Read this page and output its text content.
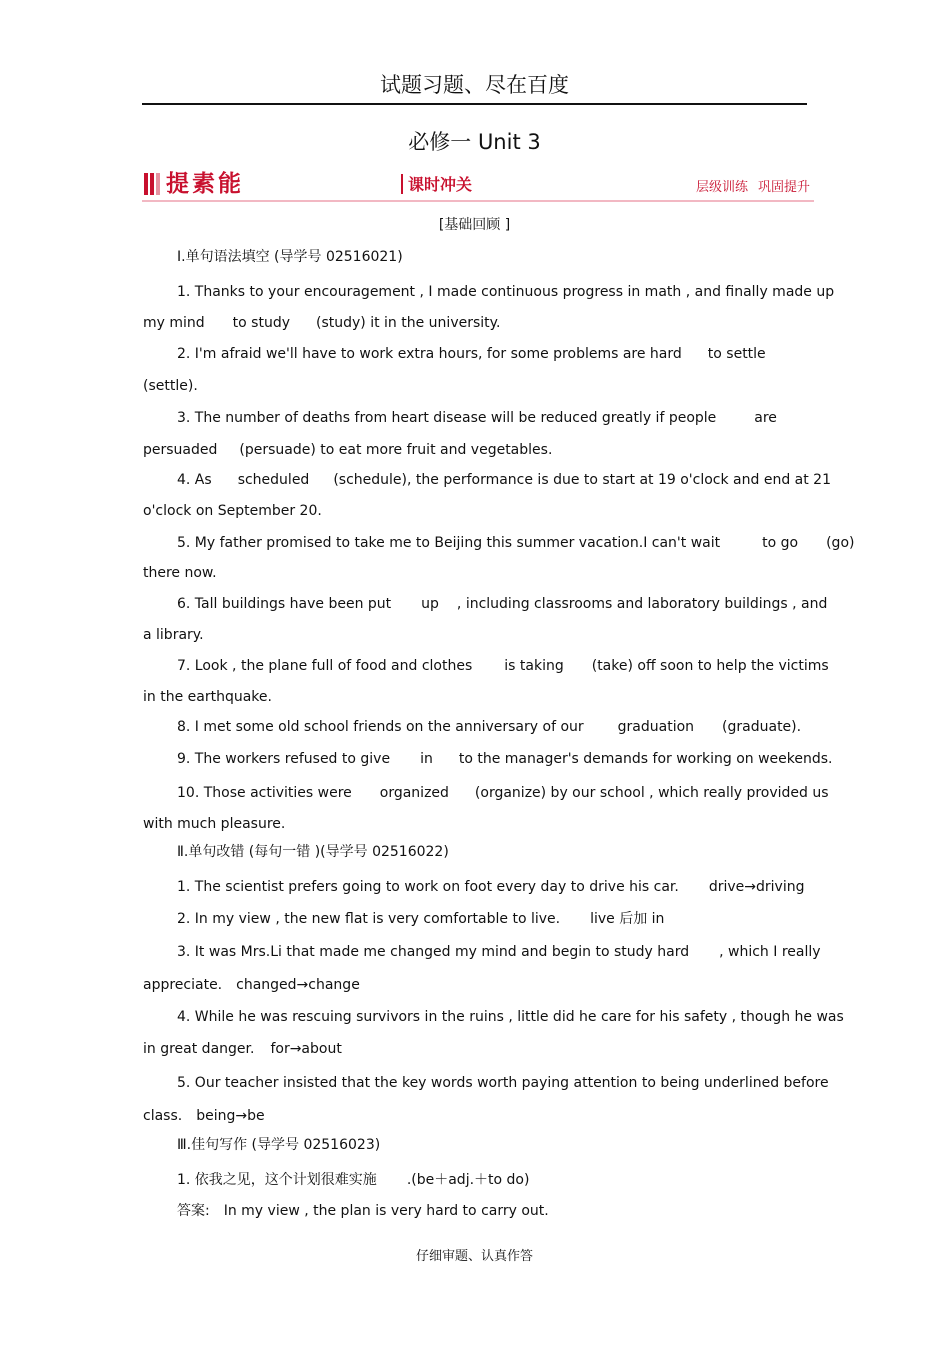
试题习题、尽在百度
必修一 Unit 3
提素能	课时冲关	层级训练 巩固提升
[基础回顾 ]
Ⅰ.单句语法填空 (导学号 02516021)
1. Thanks to your encouragement , I made continuous progress in math , and finally made up
my mind to study (study) it in the university.
2. I'm afraid we'll have to work extra hours, for some problems are hard to settle
(settle).
3. The number of deaths from heart disease will be reduced greatly if people	are
persuaded (persuade) to eat more fruit and vegetables.
4. As scheduled (schedule), the performance is due to start at 19 o'clock and end at 21
o'clock on September 20.
5. My father promised to take me to Beijing this summer vacation.I can't wait	to go (go)
there now.
6. Tall buildings have been put up , including classrooms and laboratory buildings , and
a library.
7. Look , the plane full of food and clothes is taking (take) off soon to help the victims
in the earthquake.
8. I met some old school friends on the anniversary of our graduation (graduate).
9. The workers refused to give in to the manager's demands for working on weekends.
10. Those activities were organized (organize) by our school , which really provided us
with much pleasure.
Ⅱ.单句改错 (每句一错 )(导学号 02516022)
1. The scientist prefers going to work on foot every day to drive his car. drive→driving
2. In my view , the new flat is very comfortable to live. live 后加 in
3. It was Mrs.Li that made me changed my mind and begin to study hard , which I really
appreciate. changed→change
4. While he was rescuing survivors in the ruins , little did he care for his safety , though he was
in great danger. for→about
5. Our teacher insisted that the key words worth paying attention to being underlined before
class. being→be
Ⅲ.佳句写作 (导学号 02516023)
1. 依我之见，这个计划很难实施 .(be＋adj.＋to do)
答案: In my view , the plan is very hard to carry out.
仔细审题、认真作答
